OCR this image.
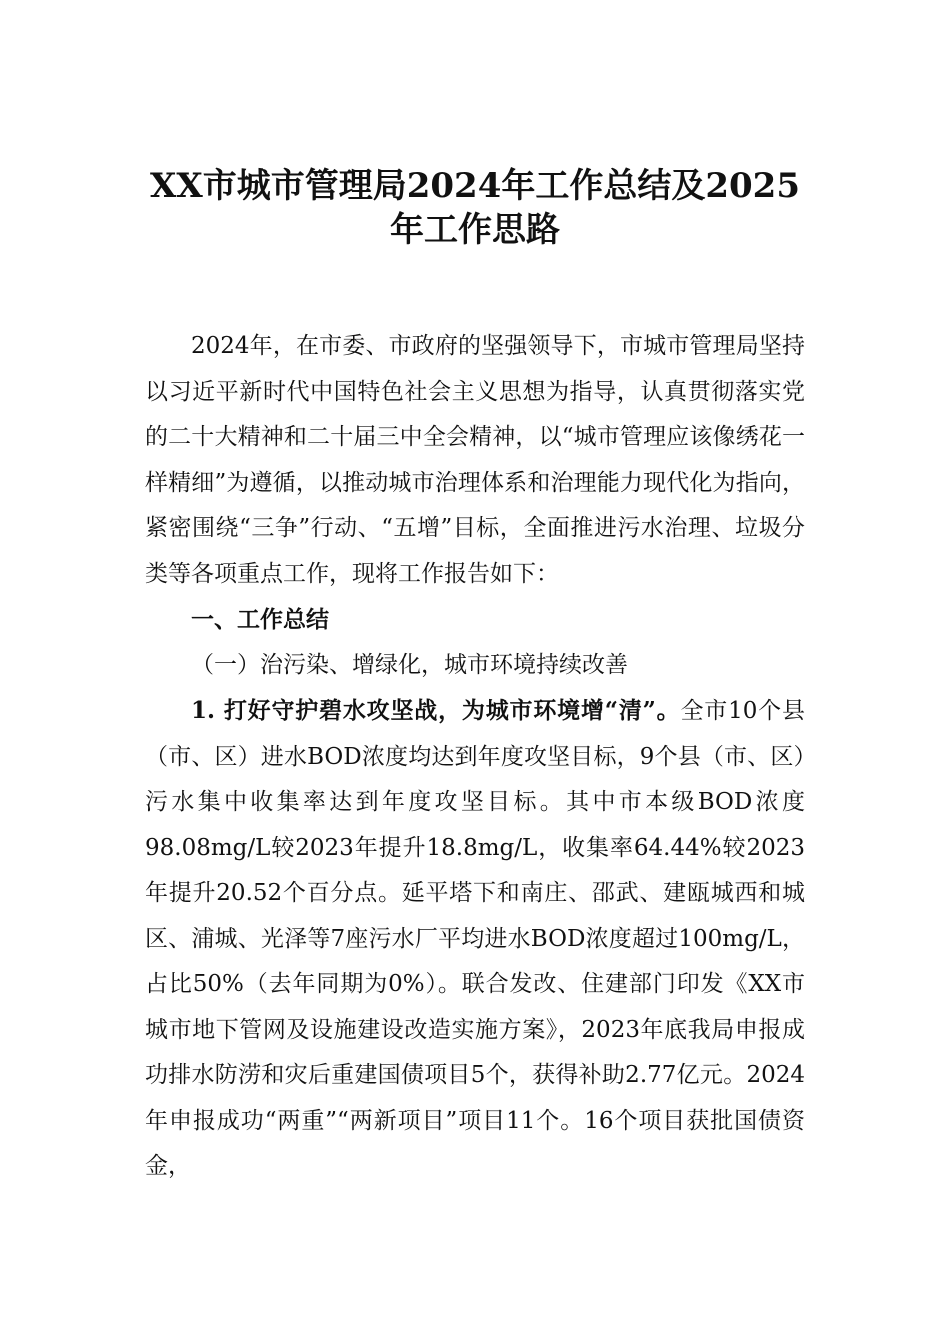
XX市城市管理局2024年工作总结及2025
年工作思路

2024年，在市委、市政府的坚强领导下，市城市管理局坚持以习近平新时代中国特色社会主义思想为指导，认真贯彻落实党的二十大精神和二十届三中全会精神，以“城市管理应该像绣花一样精细”为遵循，以推动城市治理体系和治理能力现代化为指向，紧密围绕“三争”行动、“五增”目标，全面推进污水治理、垃圾分类等各项重点工作，现将工作报告如下：

一、工作总结

（一）治污染、增绿化，城市环境持续改善

1. 打好守护碧水攻坚战，为城市环境增“清”。全市10个县（市、区）进水BOD浓度均达到年度攻坚目标，9个县（市、区）污水集中收集率达到年度攻坚目标。其中市本级BOD浓度98.08mg/L较2023年提升18.8mg/L，收集率64.44%较2023年提升20.52个百分点。延平塔下和南庄、邵武、建瓯城西和城区、浦城、光泽等7座污水厂平均进水BOD浓度超过100mg/L，占比50%（去年同期为0%）。联合发改、住建部门印发《XX市城市地下管网及设施建设改造实施方案》，2023年底我局申报成功排水防涝和灾后重建国债项目5个，获得补助2.77亿元。2024年申报成功“两重”“两新项目”项目11个。16个项目获批国债资金，
